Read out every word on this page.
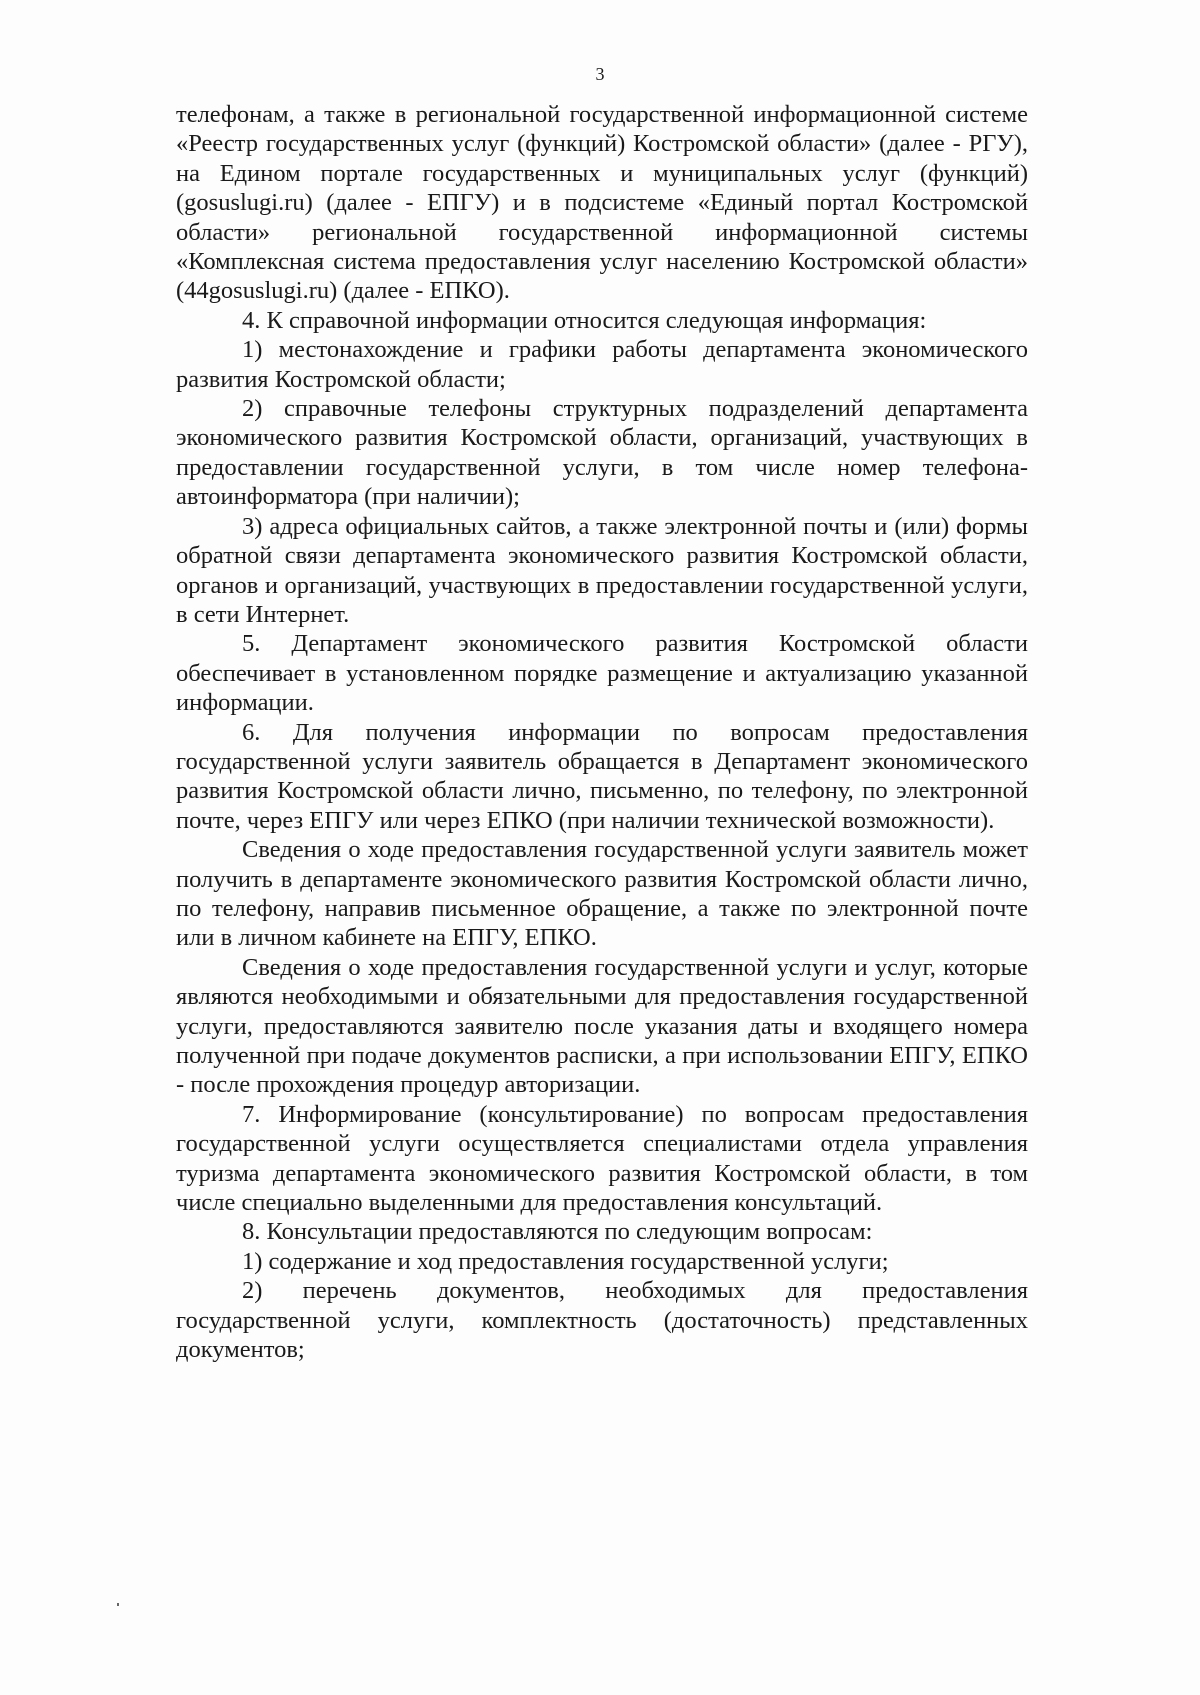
3

телефонам, а также в региональной государственной информационной системе «Реестр государственных услуг (функций) Костромской области» (далее - РГУ), на Едином портале государственных и муниципальных услуг (функций) (gosuslugi.ru) (далее - ЕПГУ) и в подсистеме «Единый портал Костромской области» региональной государственной информационной системы «Комплексная система предоставления услуг населению Костромской области» (44gosuslugi.ru) (далее - ЕПКО).

4. К справочной информации относится следующая информация:

1) местонахождение и графики работы департамента экономического развития Костромской области;

2) справочные телефоны структурных подразделений департамента экономического развития Костромской области, организаций, участвующих в предоставлении государственной услуги, в том числе номер телефона-автоинформатора (при наличии);

3) адреса официальных сайтов, а также электронной почты и (или) формы обратной связи департамента экономического развития Костромской области, органов и организаций, участвующих в предоставлении государственной услуги, в сети Интернет.

5. Департамент экономического развития Костромской области обеспечивает в установленном порядке размещение и актуализацию указанной информации.

6. Для получения информации по вопросам предоставления государственной услуги заявитель обращается в Департамент экономического развития Костромской области лично, письменно, по телефону, по электронной почте, через ЕПГУ или через ЕПКО (при наличии технической возможности).

Сведения о ходе предоставления государственной услуги заявитель может получить в департаменте экономического развития Костромской области лично, по телефону, направив письменное обращение, а также по электронной почте или в личном кабинете на ЕПГУ, ЕПКО.

Сведения о ходе предоставления государственной услуги и услуг, которые являются необходимыми и обязательными для предоставления государственной услуги, предоставляются заявителю после указания даты и входящего номера полученной при подаче документов расписки, а при использовании ЕПГУ, ЕПКО - после прохождения процедур авторизации.

7. Информирование (консультирование) по вопросам предоставления государственной услуги осуществляется специалистами отдела управления туризма департамента экономического развития Костромской области, в том числе специально выделенными для предоставления консультаций.

8. Консультации предоставляются по следующим вопросам:

1) содержание и ход предоставления государственной услуги;

2) перечень документов, необходимых для предоставления государственной услуги, комплектность (достаточность) представленных документов;
